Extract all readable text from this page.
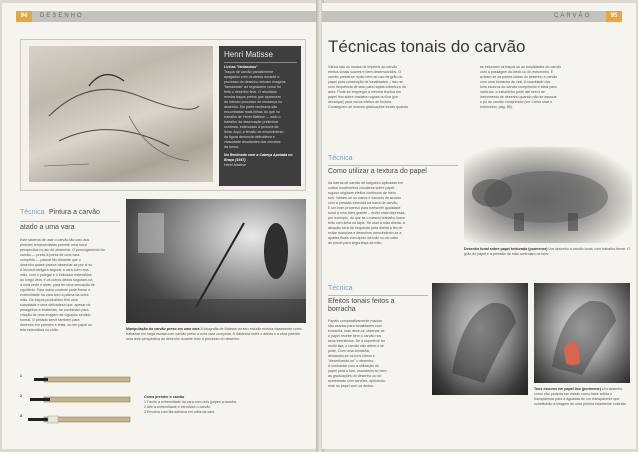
94	DESENHO
Henri Matisse
Linhas "fantasmas"
Traços de carvão parcialmente
apagados com os dedos durante o
processo do desenho deixam imagens
"fantasmas" ao registarem como foi
feito o desenho final. O resultado
mostra traços pretos que aparecem
do intenso processo de mudança no
desenho. Em parte nenhuma são
encontradas mais linhas do que no
trabalho de Henri Matisse — todo o
trabalho da observação preliminar
contínua, estimulado à procura da
linha. Aqui, a tensão do envolvimento
da figura denuncia delicadeza e
vivacidade resultantes dos circuitos
da forma.
Nu Reclinado com a Cabeça Apoiada no Braço (1937)
Henri Matisse
Técnica Pintura a carvão
atado a uma vara
Este sistema de usar o carvão tão caro aos
pintores renascentistas permite uma nova
perspectiva no ato de desenhar. O prolongamento do
carvão — preso à ponta de uma vara
comprida — passar tão distante que o
desenho quase parece desenhar-se por si só.
A técnica obriga a segurar a vara com uma
mão, com o polegar e o indicador estendidos
ao longo dela, e os outros dedos seguram-na
a uma certa e atrás, para ter uma sensação de
equilíbrio. Para maior controle pode firmar o
extremidade da vara com a palma da outra
mão. Os traços produzidos têm uma
suavidade e uma delicadeza que, apesar de
pesageiros e imateriais, se combinam para
criação de uma imagem de vigoroso sentido
formal. O pintado serve também para
desenho em paredes e telas, ou em papel ou
tela estendidos no chão.	Manipulação do carvão preso em uma vara A fotografia de Matisse ao seu estúdio mostra claramente como trabalhar em larga escala com carvão preso a uma vara comprida. A distância entre o artista e a obra permite uma leve perspectiva do desenho durante todo o processo do desenho.
1
2
3
Como prender o carvão
1 Fache a extremidade da vara com dois golpes cruzados
2 Afie a extremidade e introduza o carvão
3 Envolva com fita adesiva em volta da vara
CARVÃO	95
Técnicas tonais do carvão
Vários são os modos de imprimir ao carvão
efeitos tonais suaves e bem desenvolvidos. O
carvão presta-se muito bem ao uso de grão do
papel para construção de tonalidades – isso se
com frequência de lado para rápida cobertura da
área. Pode-se empregar a mesma técnica em
papel fino sobre madeira rugosa ou lixa (por
decalque) para novos efeitos de textura.
Conseguem-se suaves graduações tonais quando
se esfumam os traços ou as tonalidades do carvão
com a passagem do dedo ou do esfuminho. E
avivam-se as partes claras do desenho a carvão
com uma borracha de vinil. A suavidade dos
tons escuros do carvão comprimido é ideal para
variá-los; o esfuminho pode até servir de
instrumento de desenho quando não se associa
o pó do carvão comprimido (ver Como usar o
esfuminho, pág. 86).
Técnica
Como utilizar a textura do papel
As barras de carvão de salgueiro aplicadas em
curtos movimentos circulares sobre papel
rugoso originam efeitos contínuos de meio
tom. Variam-se os claros e escuros de acordo
com a pressão exercida na barra de carvão.
E um bom processo para transmitir qualidade
tonal a uma área grande – muito mais depressa,
por exemplo, do que se o mesmo trabalho fosse
feito com linha ou lápis. Se usar a mão direita, a
atuação será da esquerda para direita a fim de
evitar manchas e desenhos prescindindo-se a
ajustes finais com apoio da mão ou do cabo
do pincel para segurança da mão.
Desenho tonal sobre papel texturado (pormenor) Um desenho a carvão tonal, com trabalho breve. O grão do papel e a pressão da mão controlam os tons.
Técnica
Efeitos tonais feitos a
borracha
Papéis comparativamente macios
são usados para tonalidades com
borracha, mas deve-se observar se
o papel recebe bem o carvão nos
seus interstícios. Se a superfície for
muito lisa, o carvão não adere e se
pode. Com uma borracha,
destacam-se os tons claros e
"desenhando-se" o desenho.
A contrastar com a utilização do
papel para o tom, usaríamos se bem
as graduações do desenho ou do
sombreado com carvões, aplicando-
este no papel com os dedos.
Tons escuros em papel liso (pormenor) Um desenho como não poderia ser visado como base sólida e transparente para a aguadas de cor transparente que constituirão a imagem de uma pintura totalmente colorida.
